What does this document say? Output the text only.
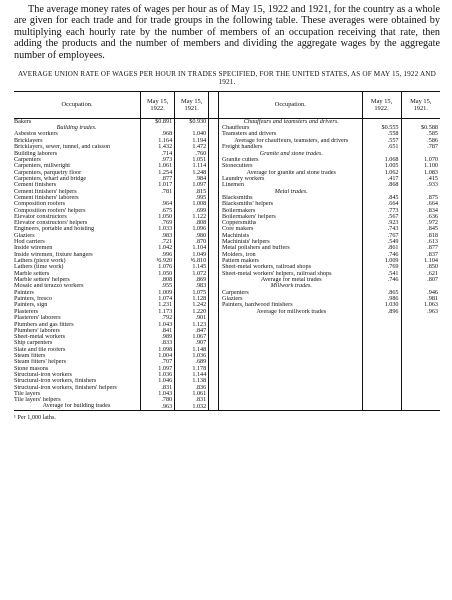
The average money rates of wages per hour as of May 15, 1922 and 1921, for the country as a whole are given for each trade and for trade groups in the following table. These averages were obtained by multiplying each hourly rate by the number of members of an occupation receiving that rate, then adding the products and the number of members and dividing the aggregate wages by the aggregate number of employees.

AVERAGE UNION RATE OF WAGES PER HOUR IN TRADES SPECIFIED, FOR THE UNITED STATES, AS OF MAY 15, 1922 AND 1921.
Occupation.	May 15, 1922.	May 15, 1921.		Occupation.	May 15, 1922.	May 15, 1921.

Bakers	$0.891	$0.930		Chauffeurs and teamsters and drivers.		

Building trades.				Chauffeurs	$0.555	$0.588

Asbestos workers	.968	1.040		Teamsters and drivers	.558	.585

Bricklayers	1.164	1.194		Average for chauffeurs, teamsters, and drivers	.557	.586

Bricklayers, sewer, tunnel, and caisson	1.432	1.472		Freight handlers	.651	.787

Building laborers	.714	.760		Granite and stone trades.		

Carpenters	.973	1.051		Granite cutters	1.068	1.070

Carpenters, millwright	1.061	1.114		Stonecutters	1.005	1.100

Carpenters, parquetry floor	1.254	1.248		Average for granite and stone trades	1.062	1.083

Carpenters, wharf and bridge	.877	.984		Laundry workers	.417	.415

Cement finishers	1.017	1.097		Linemen	.868	.933

Cement finishers' helpers	.781	.815		Metal trades.		

Cement finishers' laborers		.995		Blacksmiths	.845	.875

Composition roofers	.964	1.008		Blacksmiths' helpers	.664	.664

Composition roofers' helpers	.675	.699		Boilermakers	.773	.834

Elevator constructors	1.050	1.122		Boilermakers' helpers	.567	.636

Elevator constructors' helpers	.769	.808		Coppersmiths	.923	.972

Engineers, portable and hoisting	1.033	1.096		Core makers	.743	.845

Glaziers	.983	.980		Machinists	.767	.818

Hod carriers	.721	.870		Machinists' helpers	.549	.613

Inside wiremen	1.042	1.104		Metal polishers and buffers	.861	.877

Inside wiremen, fixture hangers	.996	1.049		Molders, iron	.746	.837

Lathers (piece work)	¹6.920	¹6.810		Pattern makers	1.009	1.104

Lathers (time work)	1.076	1.145		Sheet-metal workers, railroad shops	.769	.850

Marble setters	1.050	1.072		Sheet-metal workers' helpers, railroad shops	.541	.621

Marble setters' helpers	.808	.869		Average for metal trades	.746	.807

Mosaic and terazzo workers	.955	.983		Millwork trades.		

Painters	1.009	1.075		Carpenters	.865	.946

Painters, fresco	1.074	1.128		Glaziers	.986	.981

Painters, sign	1.231	1.242		Painters, hardwood finishers	1.030	1.063

Plasterers	1.173	1.220		Average for millwork trades	.896	.963

Plasterers' laborers	.792	.901				

Plumbers and gas fitters	1.043	1.123				

Plumbers' laborers	.841	.847				

Sheet-metal workers	.989	1.067				

Ship carpenters	.833	.907				

Slate and tile roofers	1.098	1.148				

Steam fitters	1.004	1.036				

Steam fitters' helpers	.707	.689				

Stone masons	1.097	1.178				

Structural-iron workers	1.036	1.144				

Structural-iron workers, finishers	1.046	1.138				

Structural-iron workers, finishers' helpers	.831	.836				

Tile layers	1.043	1.061				

Tile layers' helpers	.780	.831				

Average for building trades	.963	1.032				
¹ Per 1,000 laths.
